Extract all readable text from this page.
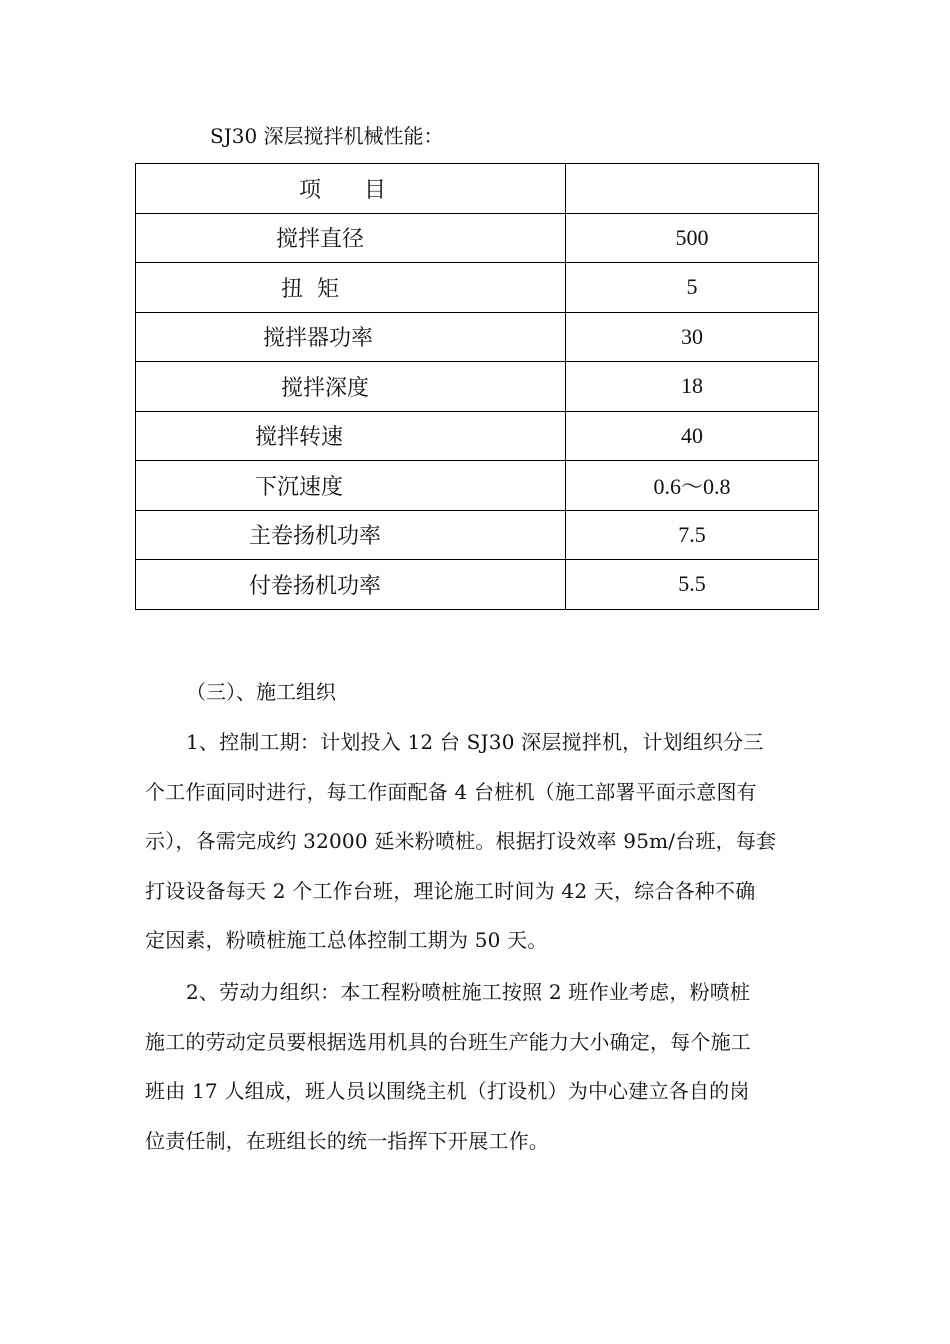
SJ30 深层搅拌机械性能：
项 目	
搅拌直径	500
扭  矩	5
搅拌器功率	30
搅拌深度	18
搅拌转速	40
下沉速度	0.6～0.8
主卷扬机功率	7.5
付卷扬机功率	5.5
（三）、施工组织
1、控制工期：计划投入 12 台 SJ30 深层搅拌机，计划组织分三
个工作面同时进行，每工作面配备 4 台桩机（施工部署平面示意图有
示），各需完成约 32000 延米粉喷桩。根据打设效率 95m/台班，每套
打设设备每天 2 个工作台班，理论施工时间为 42 天，综合各种不确
定因素，粉喷桩施工总体控制工期为 50 天。
2、劳动力组织：本工程粉喷桩施工按照 2 班作业考虑，粉喷桩
施工的劳动定员要根据选用机具的台班生产能力大小确定，每个施工
班由 17 人组成，班人员以围绕主机（打设机）为中心建立各自的岗
位责任制，在班组长的统一指挥下开展工作。
